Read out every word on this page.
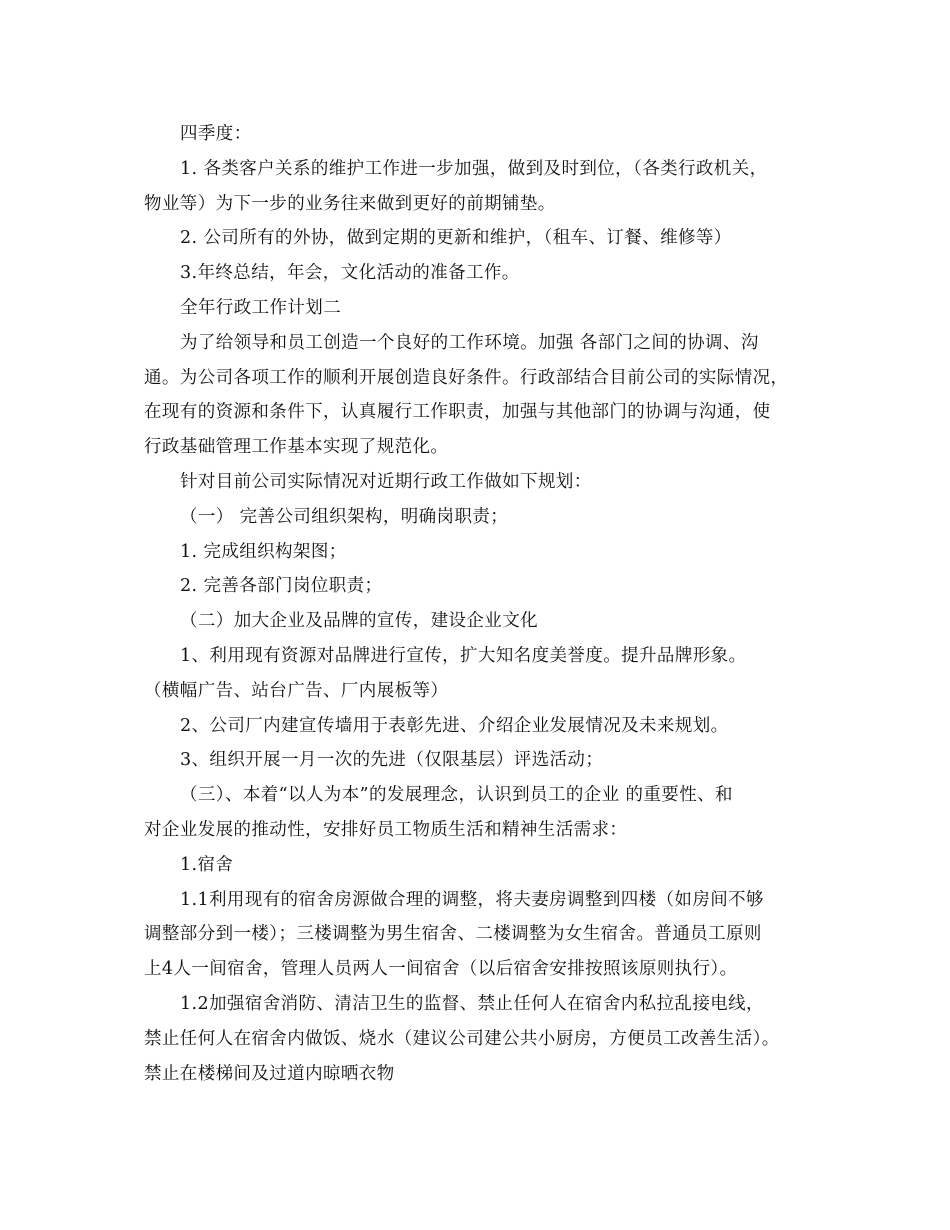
四季度：
1. 各类客户关系的维护工作进一步加强，做到及时到位，（各类行政机关，
物业等）为下一步的业务往来做到更好的前期铺垫。
2. 公司所有的外协，做到定期的更新和维护，（租车、订餐、维修等）
3.年终总结，年会，文化活动的准备工作。
全年行政工作计划二
为了给领导和员工创造一个良好的工作环境。加强 各部门之间的协调、沟
通。为公司各项工作的顺利开展创造良好条件。行政部结合目前公司的实际情况，
在现有的资源和条件下，认真履行工作职责，加强与其他部门的协调与沟通，使
行政基础管理工作基本实现了规范化。
针对目前公司实际情况对近期行政工作做如下规划：
（一） 完善公司组织架构，明确岗职责；
1. 完成组织构架图；
2. 完善各部门岗位职责；
（二）加大企业及品牌的宣传，建设企业文化
1、利用现有资源对品牌进行宣传，扩大知名度美誉度。提升品牌形象。
（横幅广告、站台广告、厂内展板等）
2、公司厂内建宣传墙用于表彰先进、介绍企业发展情况及未来规划。
3、组织开展一月一次的先进（仅限基层）评选活动；
（三）、本着“以人为本”的发展理念，认识到员工的企业 的重要性、和
对企业发展的推动性，安排好员工物质生活和精神生活需求：
1.宿舍
1.1利用现有的宿舍房源做合理的调整，将夫妻房调整到四楼（如房间不够
调整部分到一楼）；三楼调整为男生宿舍、二楼调整为女生宿舍。普通员工原则
上4人一间宿舍，管理人员两人一间宿舍（以后宿舍安排按照该原则执行）。
1.2加强宿舍消防、清洁卫生的监督、禁止任何人在宿舍内私拉乱接电线，
禁止任何人在宿舍内做饭、烧水（建议公司建公共小厨房，方便员工改善生活）。
禁止在楼梯间及过道内晾晒衣物
